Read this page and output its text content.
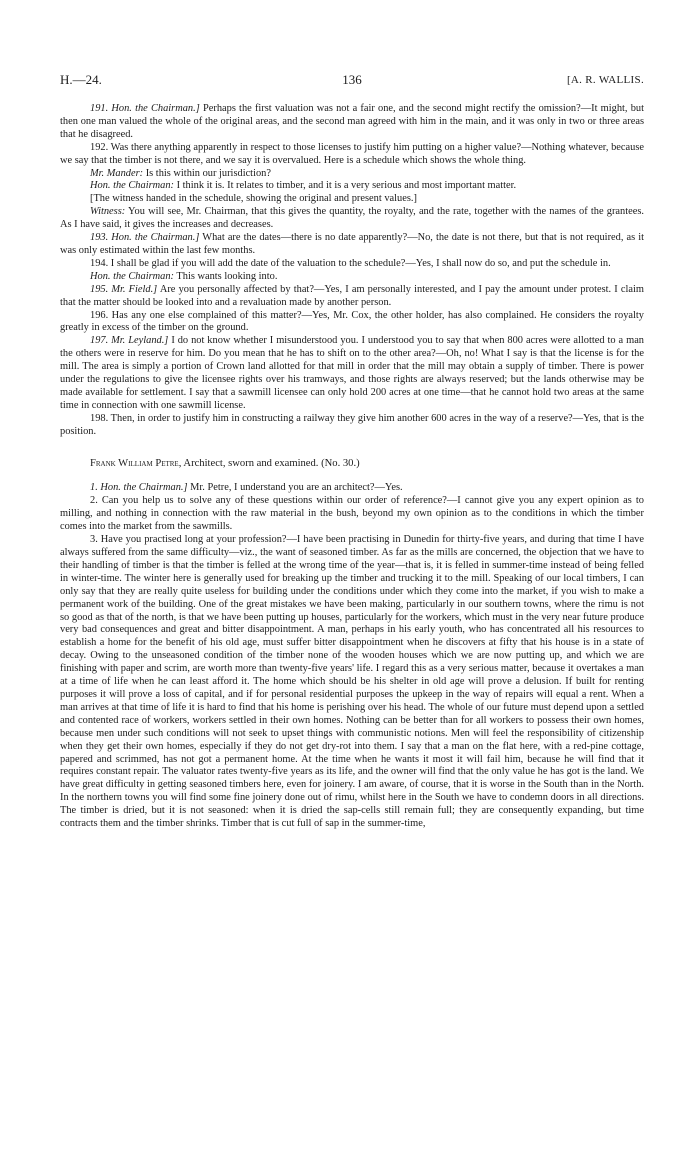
H.—24.	136	[A. R. WALLIS.

191. Hon. the Chairman.] Perhaps the first valuation was not a fair one, and the second might rectify the omission?—It might, but then one man valued the whole of the original areas, and the second man agreed with him in the main, and it was only in two or three areas that he disagreed.

192. Was there anything apparently in respect to those licenses to justify him putting on a higher value?—Nothing whatever, because we say that the timber is not there, and we say it is overvalued. Here is a schedule which shows the whole thing.

Mr. Mander: Is this within our jurisdiction?

Hon. the Chairman: I think it is. It relates to timber, and it is a very serious and most important matter.

[The witness handed in the schedule, showing the original and present values.]

Witness: You will see, Mr. Chairman, that this gives the quantity, the royalty, and the rate, together with the names of the grantees. As I have said, it gives the increases and decreases.

193. Hon. the Chairman.] What are the dates—there is no date apparently?—No, the date is not there, but that is not required, as it was only estimated within the last few months.

194. I shall be glad if you will add the date of the valuation to the schedule?—Yes, I shall now do so, and put the schedule in.

Hon. the Chairman: This wants looking into.

195. Mr. Field.] Are you personally affected by that?—Yes, I am personally interested, and I pay the amount under protest. I claim that the matter should be looked into and a revaluation made by another person.

196. Has any one else complained of this matter?—Yes, Mr. Cox, the other holder, has also complained. He considers the royalty greatly in excess of the timber on the ground.

197. Mr. Leyland.] I do not know whether I misunderstood you. I understood you to say that when 800 acres were allotted to a man the others were in reserve for him. Do you mean that he has to shift on to the other area?—Oh, no! What I say is that the license is for the mill. The area is simply a portion of Crown land allotted for that mill in order that the mill may obtain a supply of timber. There is power under the regulations to give the licensee rights over his tramways, and those rights are always reserved; but the lands otherwise may be made available for settlement. I say that a sawmill licensee can only hold 200 acres at one time—that he cannot hold two areas at the same time in connection with one sawmill license.

198. Then, in order to justify him in constructing a railway they give him another 600 acres in the way of a reserve?—Yes, that is the position.

Frank William Petre, Architect, sworn and examined. (No. 30.)

1. Hon. the Chairman.] Mr. Petre, I understand you are an architect?—Yes.

2. Can you help us to solve any of these questions within our order of reference?—I cannot give you any expert opinion as to milling, and nothing in connection with the raw material in the bush, beyond my own opinion as to the conditions in which the timber comes into the market from the sawmills.

3. Have you practised long at your profession?—I have been practising in Dunedin for thirty-five years, and during that time I have always suffered from the same difficulty—viz., the want of seasoned timber. As far as the mills are concerned, the objection that we have to their handling of timber is that the timber is felled at the wrong time of the year—that is, it is felled in summer-time instead of being felled in winter-time. The winter here is generally used for breaking up the timber and trucking it to the mill. Speaking of our local timbers, I can only say that they are really quite useless for building under the conditions under which they come into the market, if you wish to make a permanent work of the building. One of the great mistakes we have been making, particularly in our southern towns, where the rimu is not so good as that of the north, is that we have been putting up houses, particularly for the workers, which must in the very near future produce very bad consequences and great and bitter disappointment. A man, perhaps in his early youth, who has concentrated all his resources to establish a home for the benefit of his old age, must suffer bitter disappointment when he discovers at fifty that his house is in a state of decay. Owing to the unseasoned condition of the timber none of the wooden houses which we are now putting up, and which we are finishing with paper and scrim, are worth more than twenty-five years' life. I regard this as a very serious matter, because it overtakes a man at a time of life when he can least afford it. The home which should be his shelter in old age will prove a delusion. If built for renting purposes it will prove a loss of capital, and if for personal residential purposes the upkeep in the way of repairs will equal a rent. When a man arrives at that time of life it is hard to find that his home is perishing over his head. The whole of our future must depend upon a settled and contented race of workers, workers settled in their own homes. Nothing can be better than for all workers to possess their own homes, because men under such conditions will not seek to upset things with communistic notions. Men will feel the responsibility of citizenship when they get their own homes, especially if they do not get dry-rot into them. I say that a man on the flat here, with a red-pine cottage, papered and scrimmed, has not got a permanent home. At the time when he wants it most it will fail him, because he will find that it requires constant repair. The valuator rates twenty-five years as its life, and the owner will find that the only value he has got is the land. We have great difficulty in getting seasoned timbers here, even for joinery. I am aware, of course, that it is worse in the South than in the North. In the northern towns you will find some fine joinery done out of rimu, whilst here in the South we have to condemn doors in all directions. The timber is dried, but it is not seasoned: when it is dried the sap-cells still remain full; they are consequently expanding, but time contracts them and the timber shrinks. Timber that is cut full of sap in the summer-time,
